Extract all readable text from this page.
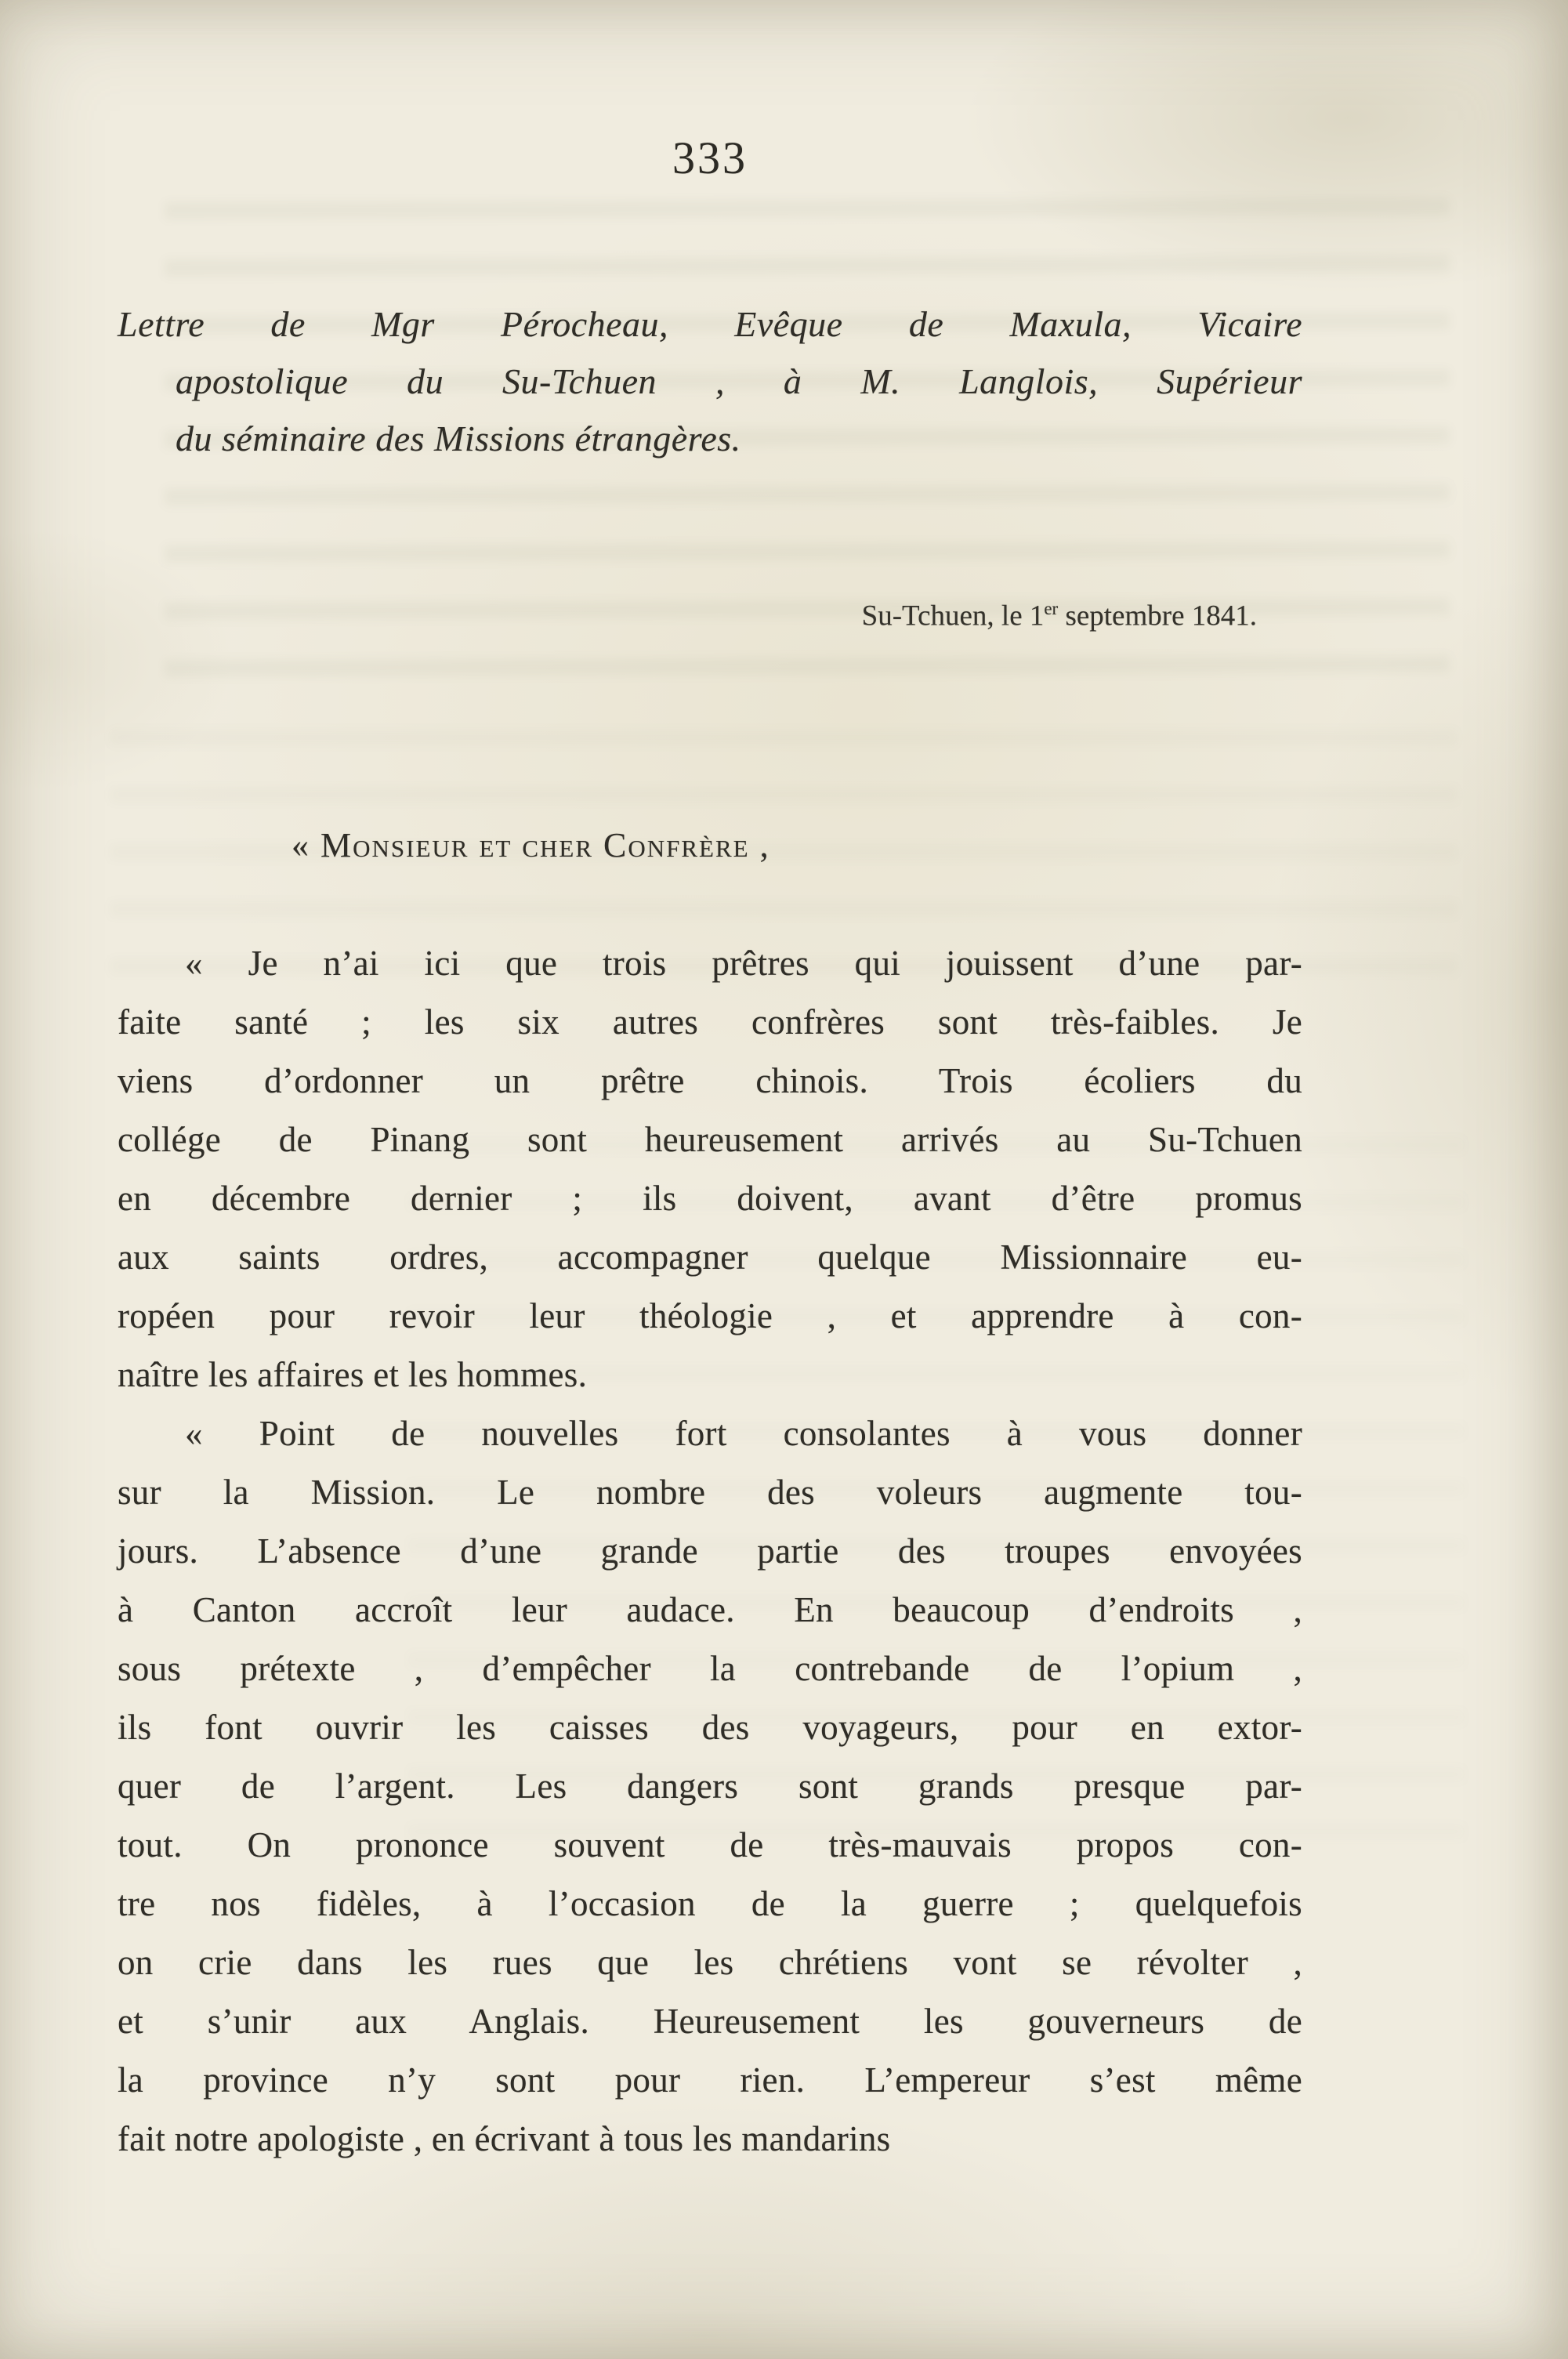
333
Lettre de Mgr Pérocheau, Evêque de Maxula, Vicaire
apostolique du Su-Tchuen , à M. Langlois, Supérieur
du séminaire des Missions étrangères.
Su-Tchuen, le 1er septembre 1841.
« Monsieur et cher Confrère ,
« Je n’ai ici que trois prêtres qui jouissent d’une par-
faite santé ; les six autres confrères sont très-faibles. Je
viens d’ordonner un prêtre chinois. Trois écoliers du
collége de Pinang sont heureusement arrivés au Su-Tchuen
en décembre dernier ; ils doivent, avant d’être promus
aux saints ordres, accompagner quelque Missionnaire eu-
ropéen pour revoir leur théologie , et apprendre à con-
naître les affaires et les hommes.
« Point de nouvelles fort consolantes à vous donner
sur la Mission. Le nombre des voleurs augmente tou-
jours. L’absence d’une grande partie des troupes envoyées
à Canton accroît leur audace. En beaucoup d’endroits ,
sous prétexte , d’empêcher la contrebande de l’opium ,
ils font ouvrir les caisses des voyageurs, pour en extor-
quer de l’argent. Les dangers sont grands presque par-
tout. On prononce souvent de très-mauvais propos con-
tre nos fidèles, à l’occasion de la guerre ; quelquefois
on crie dans les rues que les chrétiens vont se révolter ,
et s’unir aux Anglais. Heureusement les gouverneurs de
la province n’y sont pour rien. L’empereur s’est même
fait notre apologiste , en écrivant à tous les mandarins
